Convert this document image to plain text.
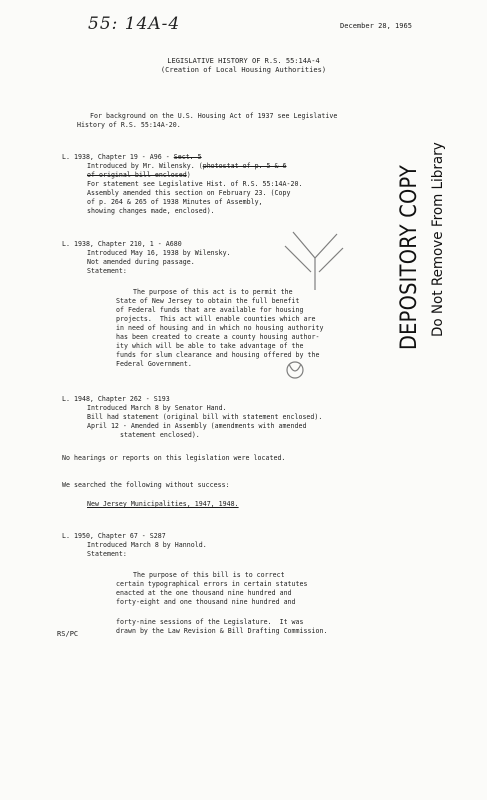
55: 14A-4	December 28, 1965
LEGISLATIVE HISTORY OF R.S. 55:14A-4
(Creation of Local Housing Authorities)
For background on the U.S. Housing Act of 1937 see Legislative
History of R.S. 55:14A-20.
L. 1938, Chapter 19 - A96 - Sect. 5
Introduced by Mr. Wilensky. (photostat of p. 5 & 6
of original bill enclosed)
For statement see Legislative Hist. of R.S. 55:14A-20.
Assembly amended this section on February 23. (Copy
of p. 264 & 265 of 1938 Minutes of Assembly,
showing changes made, enclosed).
L. 1938, Chapter 210, 1 - A680
Introduced May 16, 1938 by Wilensky.
Not amended during passage.
Statement:
The purpose of this act is to permit the
State of New Jersey to obtain the full benefit
of Federal funds that are available for housing
projects.  This act will enable counties which are
in need of housing and in which no housing authority
has been created to create a county housing author-
ity which will be able to take advantage of the
funds for slum clearance and housing offered by the
Federal Government.
L. 1948, Chapter 262 - S193
Introduced March 8 by Senator Hand.
Bill had statement (original bill with statement enclosed).
April 12 - Amended in Assembly (amendments with amended
statement enclosed).
No hearings or reports on this legislation were located.
We searched the following without success:
New Jersey Municipalities, 1947, 1948.
L. 1950, Chapter 67 - S287
Introduced March 8 by Hannold.
Statement:
The purpose of this bill is to correct
certain typographical errors in certain statutes
enacted at the one thousand nine hundred and
forty-eight and one thousand nine hundred and
forty-nine sessions of the Legislature.  It was
drawn by the Law Revision & Bill Drafting Commission.
RS/PC
DEPOSITORY COPY Do Not Remove From Library
